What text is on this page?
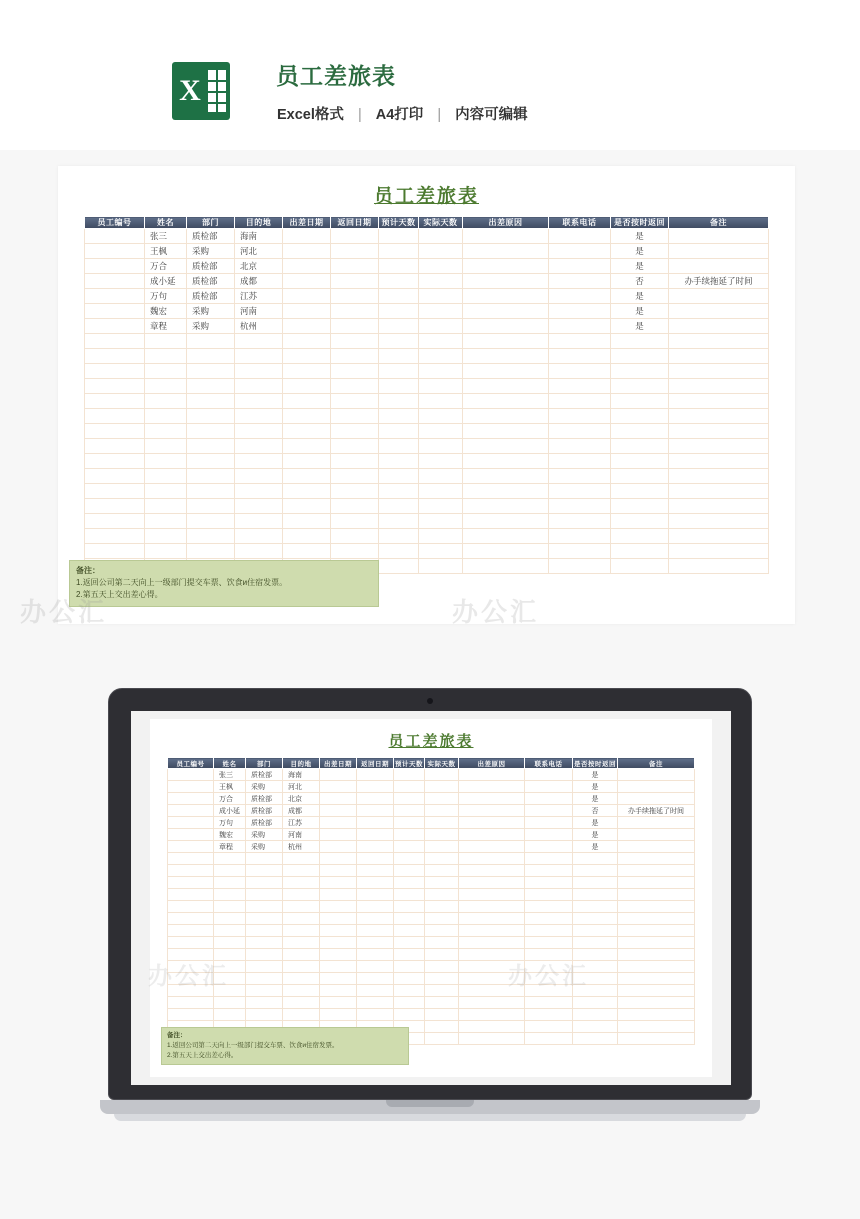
X	员工差旅表
Excel格式 | A4打印 | 内容可编辑
员工差旅表
员工编号	姓名	部门	目的地	出差日期	返回日期	预计天数	实际天数	出差原因	联系电话	是否按时返回	备注
	张三	质检部	海南							是	
	王枫	采购	河北							是	
	万合	质检部	北京							是	
	成小延	质检部	成都							否	办手续拖延了时间
	万句	质检部	江苏							是	
	魏宏	采购	河南							是	
	章程	采购	杭州							是	

备注：
1.返回公司第二天向上一级部门提交车票、饮食и住宿发票。
2.第五天上交出差心得。
办公汇	办公汇
员工差旅表
员工编号	姓名	部门	目的地	出差日期	返回日期	预计天数	实际天数	出差原因	联系电话	是否按时返回	备注
	张三	质检部	海南							是	
	王枫	采购	河北							是	
	万合	质检部	北京							是	
	成小延	质检部	成都							否	办手续拖延了时间
	万句	质检部	江苏							是	
	魏宏	采购	河南							是	
	章程	采购	杭州							是	

备注：
1.返回公司第二天向上一级部门提交车票、饮食и住宿发票。
2.第五天上交出差心得。
